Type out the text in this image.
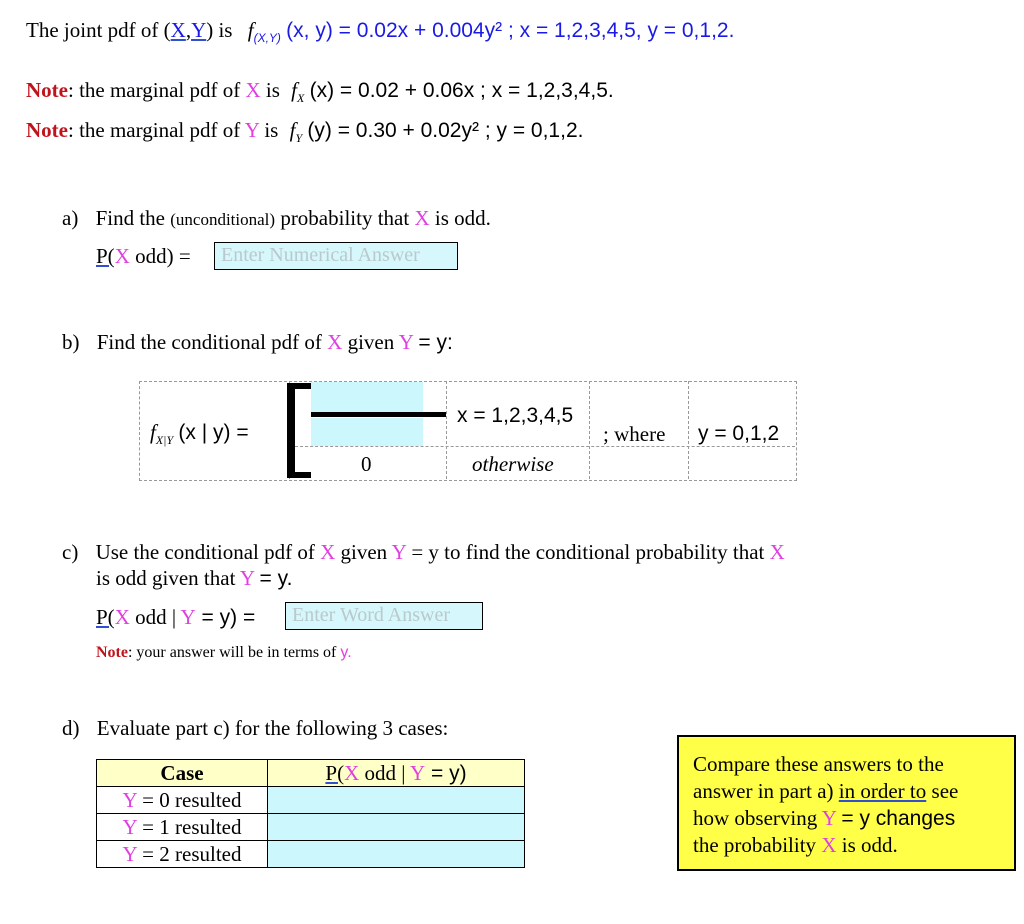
The joint pdf of (X,Y) is $f_{(X,Y)}$ (x, y) = 0.02x + 0.004y² ; x = 1,2,3,4,5, y = 0,1,2.
Note: the marginal pdf of X is $f_X$ (x) = 0.02 + 0.06x ; x = 1,2,3,4,5.
Note: the marginal pdf of Y is $f_Y$ (y) = 0.30 + 0.02y² ; y = 0,1,2.
a) Find the (unconditional) probability that X is odd.
P(X odd) =	Enter Numerical Answer
b) Find the conditional pdf of X given Y = y:
$f_{X|Y}$ (x | y) =
x = 1,2,3,4,5
0	otherwise
; where y = 0,1,2
c) Use the conditional pdf of X given Y = y to find the conditional probability that X
is odd given that Y = y.
P(X odd | Y = y) =	Enter Word Answer
Note: your answer will be in terms of y.
d) Evaluate part c) for the following 3 cases:
Case	P(X odd | Y = y)
Y = 0 resulted	
Y = 1 resulted	
Y = 2 resulted	
Compare these answers to the
answer in part a) in order to see
how observing Y = y changes
the probability X is odd.
